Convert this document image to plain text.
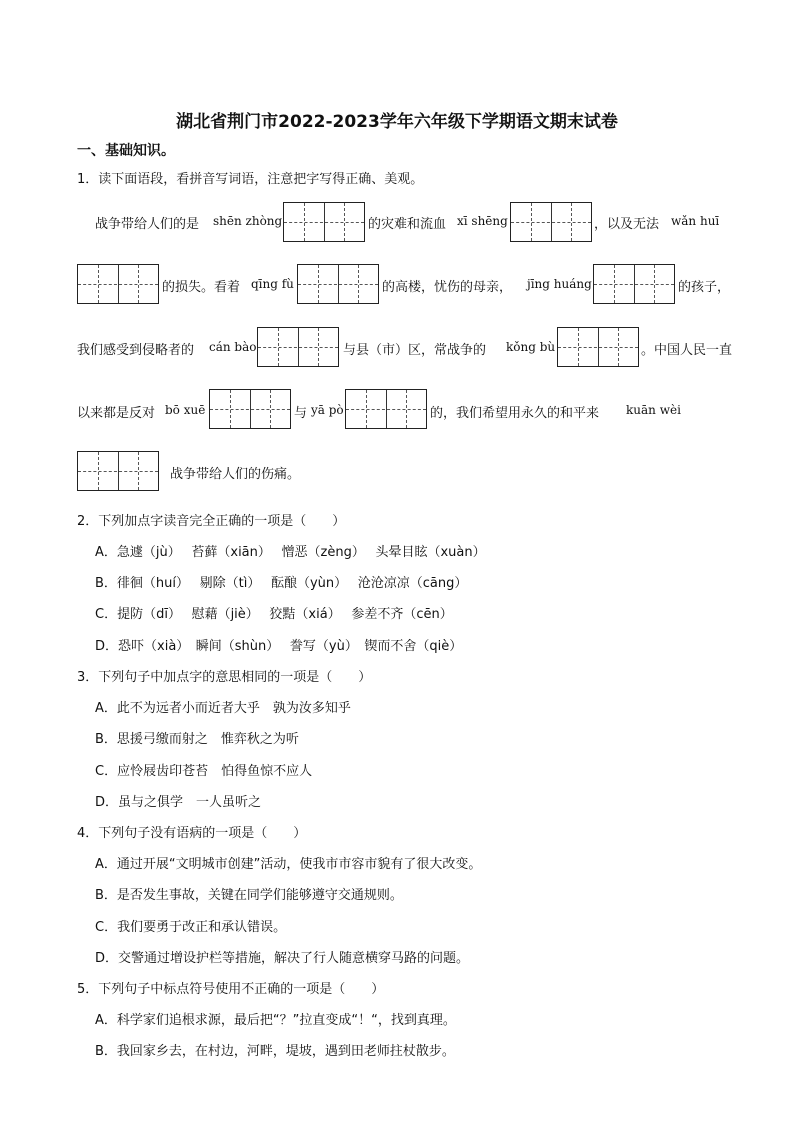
湖北省荆门市2022-2023学年六年级下学期语文期末试卷
一、基础知识。
1．读下面语段，看拼音写词语，注意把字写得正确、美观。
战争带给人们的是 shēn zhòng	的灾难和流血 xī shēng	，以及无法 wǎn huī
的损失。看着 qīng fù	的高楼，忧伤的母亲， jīng huáng	的孩子，
我们感受到侵略者的 cán bào	与县（市）区，常战争的 kǒng bù	。中国人民一直
以来都是反对 bō xuē	与 yā pò	的，我们希望用永久的和平来 kuān wèi
战争带给人们的伤痛。
2．下列加点字读音完全正确的一项是（　　）
A．急遽（jù）　 苔藓（xiān）　 憎恶（zèng）　 头晕目眩（xuàn）
B．徘徊（huí）　 剔除（tì）　 酝酿（yùn）　 沧沧凉凉（cāng）
C．提防（dī）　 慰藉（jiè）　 狡黠（xiá）　 参差不齐（cēn）
D．恐吓（xià）　瞬间（shùn）　 誊写（yù）　锲而不舍（qiè）
3．下列句子中加点字的意思相同的一项是（　　）
A．此不为远者小而近者大乎　孰为汝多知乎
B．思援弓缴而射之　惟弈秋之为听
C．应怜屐齿印苍苔　怕得鱼惊不应人
D．虽与之俱学　一人虽听之
4．下列句子没有语病的一项是（　　）
A．通过开展“文明城市创建”活动，使我市市容市貌有了很大改变。
B．是否发生事故，关键在同学们能够遵守交通规则。
C．我们要勇于改正和承认错误。
D．交警通过增设护栏等措施，解决了行人随意横穿马路的问题。
5．下列句子中标点符号使用不正确的一项是（　　）
A．科学家们追根求源，最后把“？”拉直变成“！“，找到真理。
B．我回家乡去，在村边，河畔，堤坡，遇到田老师拄杖散步。
